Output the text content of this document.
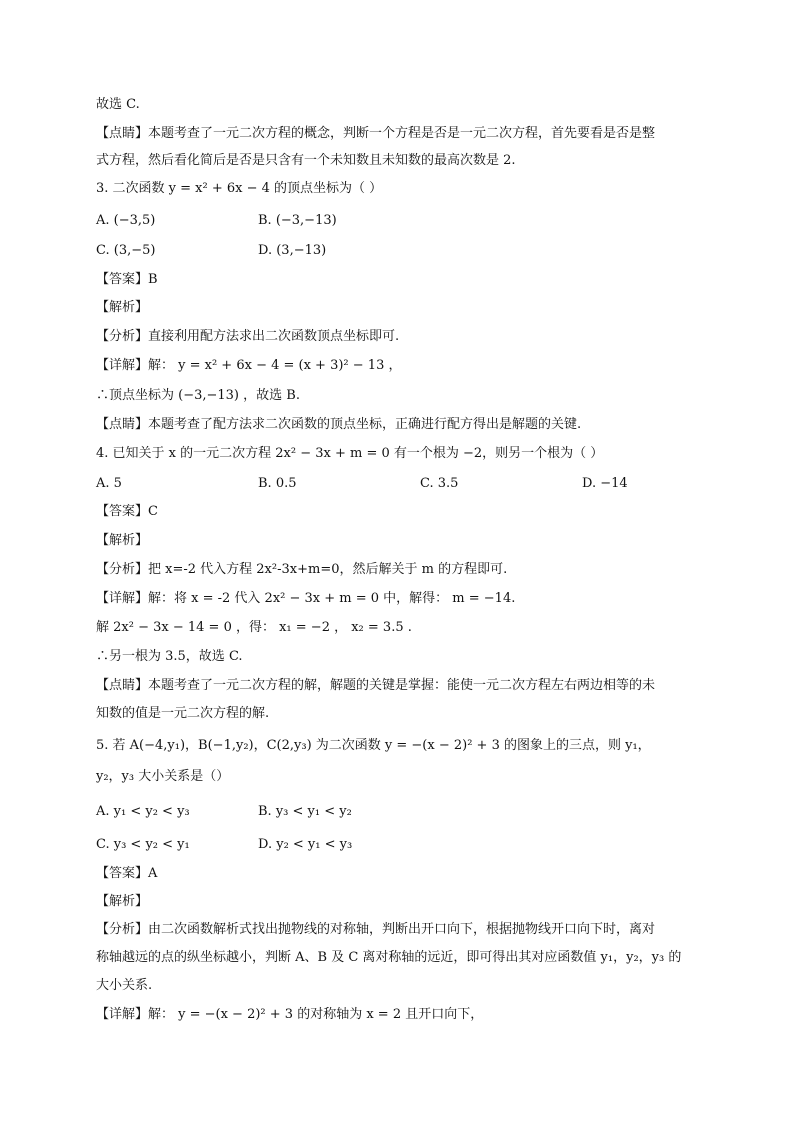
故选 C.
【点睛】本题考查了一元二次方程的概念，判断一个方程是否是一元二次方程，首先要看是否是整
式方程，然后看化简后是否是只含有一个未知数且未知数的最高次数是 2.
3. 二次函数 y = x² + 6x − 4 的顶点坐标为（ ）
A. (−3,5)	B. (−3,−13)
C. (3,−5)	D. (3,−13)
【答案】B
【解析】
【分析】直接利用配方法求出二次函数顶点坐标即可.
【详解】解： y = x² + 6x − 4 = (x + 3)² − 13 ，
∴顶点坐标为 (−3,−13) ，故选 B.
【点睛】本题考查了配方法求二次函数的顶点坐标，正确进行配方得出是解题的关键.
4. 已知关于 x 的一元二次方程 2x² − 3x + m = 0 有一个根为 −2，则另一个根为（ ）
A. 5	B. 0.5	C. 3.5	D. −14
【答案】C
【解析】
【分析】把 x=-2 代入方程 2x²-3x+m=0，然后解关于 m 的方程即可.
【详解】解：将 x = -2 代入 2x² − 3x + m = 0 中，解得： m = −14.
解 2x² − 3x − 14 = 0 ，得： x₁ = −2 ， x₂ = 3.5 .
∴另一根为 3.5，故选 C.
【点睛】本题考查了一元二次方程的解，解题的关键是掌握：能使一元二次方程左右两边相等的未
知数的值是一元二次方程的解.
5. 若 A(−4,y₁)，B(−1,y₂)，C(2,y₃) 为二次函数 y = −(x − 2)² + 3 的图象上的三点，则 y₁，
y₂，y₃ 大小关系是（）
A. y₁ < y₂ < y₃	B. y₃ < y₁ < y₂
C. y₃ < y₂ < y₁	D. y₂ < y₁ < y₃
【答案】A
【解析】
【分析】由二次函数解析式找出抛物线的对称轴，判断出开口向下，根据抛物线开口向下时，离对
称轴越远的点的纵坐标越小，判断 A、B 及 C 离对称轴的远近，即可得出其对应函数值 y₁，y₂，y₃ 的
大小关系.
【详解】解： y = −(x − 2)² + 3 的对称轴为 x = 2 且开口向下，
